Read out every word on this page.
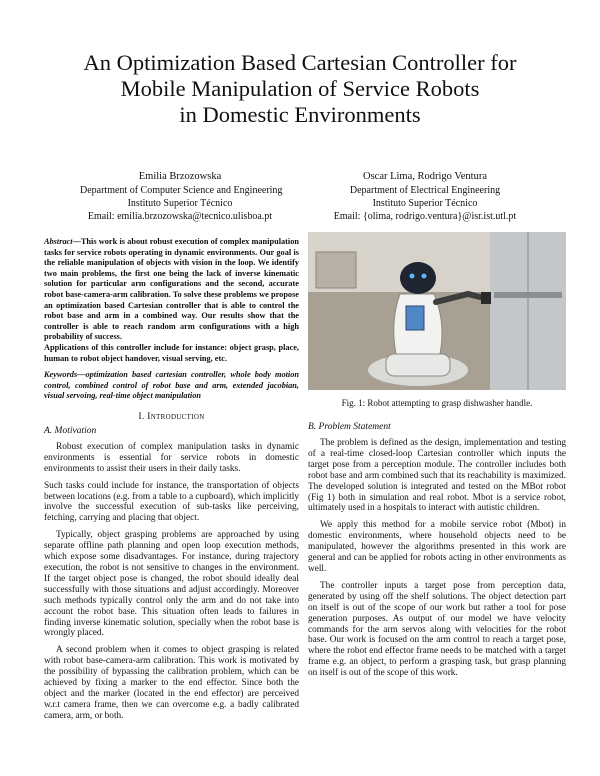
An Optimization Based Cartesian Controller for
Mobile Manipulation of Service Robots
in Domestic Environments
Emilia Brzozowska
Department of Computer Science and Engineering
Instituto Superior Técnico
Email: emilia.brzozowska@tecnico.ulisboa.pt
Oscar Lima, Rodrigo Ventura
Department of Electrical Engineering
Instituto Superior Técnico
Email: {olima, rodrigo.ventura}@isr.ist.utl.pt

Abstract—This work is about robust execution of complex manipulation tasks for service robots operating in dynamic environments. Our goal is the reliable manipulation of objects with vision in the loop. We identify two main problems, the first one being the lack of inverse kinematic solution for particular arm configurations and the second, accurate robot base-camera-arm calibration. To solve these problems we propose an optimization based Cartesian controller that is able to control the robot base and arm in a combined way. Our results show that the controller is able to reach random arm configurations with a high probability of success.

Applications of this controller include for instance: object grasp, place, human to robot object handover, visual serving, etc.

Keywords—optimization based cartesian controller, whole body motion control, combined control of robot base and arm, extended jacobian, visual servoing, real-time object manipulation

I. Introduction
A. Motivation

Robust execution of complex manipulation tasks in dynamic environments is essential for service robots in domestic environments to assist their users in their daily tasks.

Such tasks could include for instance, the transportation of objects between locations (e.g. from a table to a cupboard), which implicitly involve the successful execution of sub-tasks like perceiving, fetching, carrying and placing that object.

Typically, object grasping problems are approached by using separate offline path planning and open loop execution methods, which expose some disadvantages. For instance, during trajectory execution, the robot is not sensitive to changes in the environment. If the target object pose is changed, the robot should ideally deal successfully with those situations and adjust accordingly. Moreover such methods typically control only the arm and do not take into account the robot base. This situation often leads to failures in finding inverse kinematic solution, specially when the robot base is wrongly placed.

A second problem when it comes to object grasping is related with robot base-camera-arm calibration. This work is motivated by the possibility of bypassing the calibration problem, which can be achieved by fixing a marker to the end effector. Since both the object and the marker (located in the end effector) are perceived w.r.t camera frame, then we can overcome e.g. a badly calibrated camera, arm, or both.

Fig. 1: Robot attempting to grasp dishwasher handle.
B. Problem Statement

The problem is defined as the design, implementation and testing of a real-time closed-loop Cartesian controller which inputs the target pose from a perception module. The controller includes both robot base and arm combined such that its reachability is maximized. The developed solution is integrated and tested on the MBot robot (Fig 1) both in simulation and real robot. Mbot is a service robot, ultimately used in a hospitals to interact with autistic children.

We apply this method for a mobile service robot (Mbot) in domestic environments, where household objects need to be manipulated, however the algorithms presented in this work are general and can be applied for robots acting in other environments as well.

The controller inputs a target pose from perception data, generated by using off the shelf solutions. The object detection part on itself is out of the scope of our work but rather a tool for pose generation purposes. As output of our model we have velocity commands for the arm servos along with velocities for the robot base. Our work is focused on the arm control to reach a target pose, where the robot end effector frame needs to be matched with a target frame e.g. an object, to perform a grasping task, but grasp planning on itself is out of the scope of this work.
